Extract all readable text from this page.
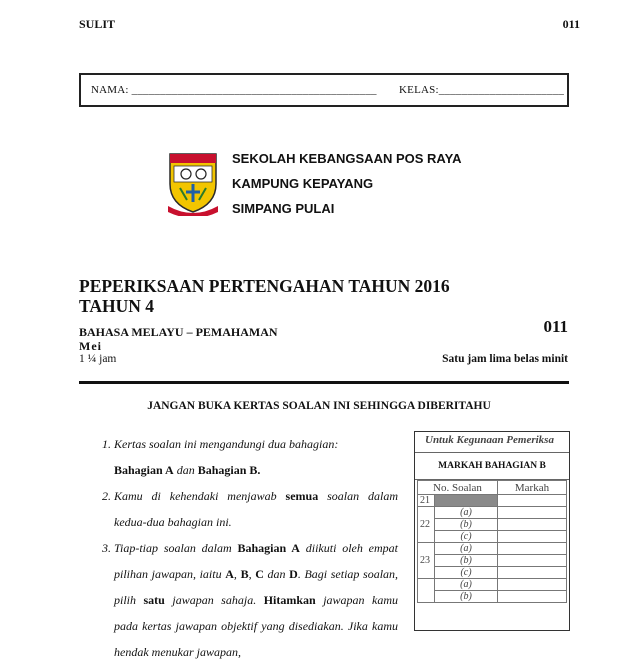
SULIT	011
NAMA: ___________________________________________ KELAS:______________________
SEKOLAH KEBANGSAAN POS RAYA
KAMPUNG KEPAYANG
SIMPANG PULAI
PEPERIKSAAN PERTENGAHAN TAHUN 2016
TAHUN 4
BAHASA MELAYU – PEMAHAMAN	011
Mei
1 ¼ jam	Satu jam lima belas minit
JANGAN BUKA KERTAS SOALAN INI SEHINGGA DIBERITAHU
1. Kertas soalan ini mengandungi dua bahagian:
Bahagian A dan Bahagian B.
2. Kamu di kehendaki menjawab semua soalan dalam kedua-dua bahagian ini.
3. Tiap-tiap soalan dalam Bahagian A diikuti oleh empat pilihan jawapan, iaitu A, B, C dan D. Bagi setiap soalan, pilih satu jawapan sahaja. Hitamkan jawapan kamu pada kertas jawapan objektif yang disediakan. Jika kamu hendak menukar jawapan,
Untuk Kegunaan Pemeriksa
MARKAH BAHAGIAN B
No. Soalan		Markah
21		
22	(a)	
	(b)	
	(c)	
23	(a)	
	(b)	
	(c)	
	(a)	
	(b)	
